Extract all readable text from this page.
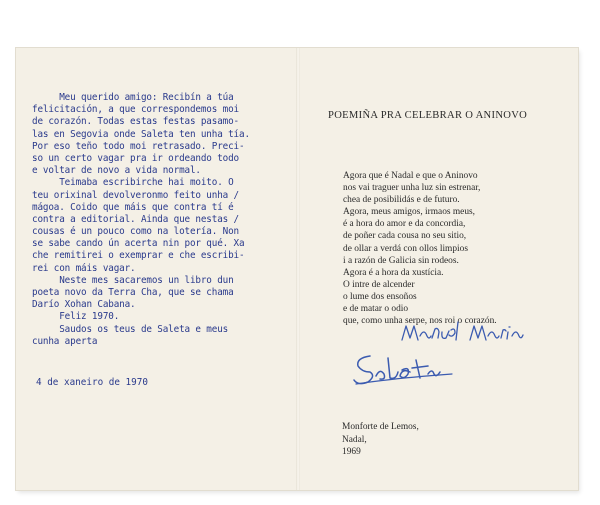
Meu querido amigo: Recibín a túa
felicitación, a que correspondemos moi
de corazón. Todas estas festas pasamo-
las en Segovia onde Saleta ten unha tía.
Por eso teño todo moi retrasado. Preci-
so un certo vagar pra ir ordeando todo
e voltar de novo a vida normal.
Teimaba escribirche hai moito. O
teu orixinal devolveronmo feito unha /
mágoa. Coido que máis que contra tí é
contra a editorial. Ainda que nestas /
cousas é un pouco como na lotería. Non
se sabe cando ún acerta nin por qué. Xa
che remitirei o exemprar e che escribi-
rei con máis vagar.
Neste mes sacaremos un libro dun
poeta novo da Terra Cha, que se chama
Darío Xohan Cabana.
Feliz 1970.
Saudos os teus de Saleta e meus
cunha aperta
4 de xaneiro de 1970
POEMIÑA PRA CELEBRAR O ANINOVO
Agora que é Nadal e que o Aninovo
nos vai traguer unha luz sin estrenar,
chea de posibilidás e de futuro.
Agora, meus amigos, irmaos meus,
é a hora do amor e da concordia,
de poñer cada cousa no seu sitio,
de ollar a verdá con ollos limpios
i a razón de Galicia sin rodeos.
Agora é a hora da xustícia.
O intre de alcender
o lume dos ensoños
e de matar o odio
que, como unha serpe, nos roi o corazón.
Monforte de Lemos,
Nadal,
1969
